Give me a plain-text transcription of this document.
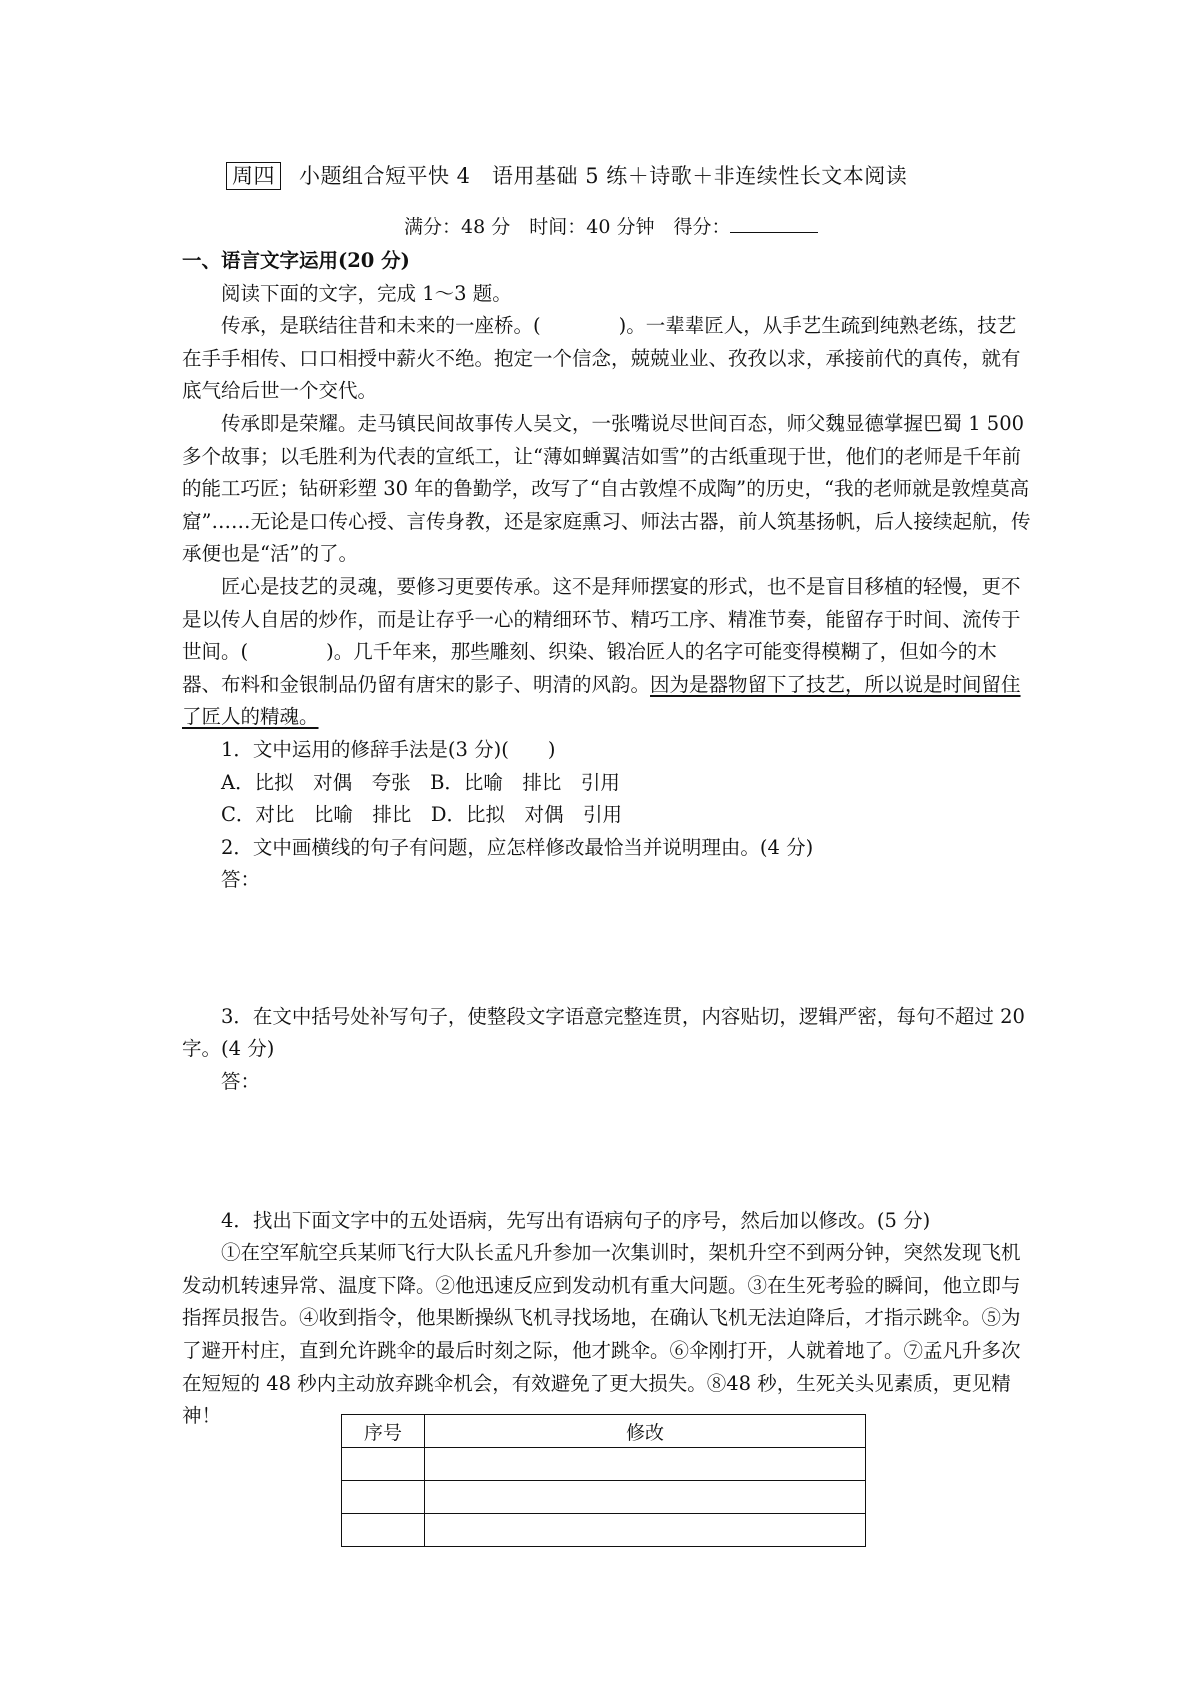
周四 小题组合短平快 4　语用基础 5 练＋诗歌＋非连续性长文本阅读
满分：48 分　 时间：40 分钟　 得分：

一、语言文字运用(20 分)

阅读下面的文字，完成 1～3 题。

传承，是联结往昔和未来的一座桥。(　　　　)。一辈辈匠人，从手艺生疏到纯熟老练，技艺在手手相传、口口相授中薪火不绝。抱定一个信念，兢兢业业、孜孜以求，承接前代的真传，就有底气给后世一个交代。

传承即是荣耀。走马镇民间故事传人吴文，一张嘴说尽世间百态，师父魏显德掌握巴蜀 1 500 多个故事；以毛胜利为代表的宣纸工，让“薄如蝉翼洁如雪”的古纸重现于世，他们的老师是千年前的能工巧匠；钻研彩塑 30 年的鲁勤学，改写了“自古敦煌不成陶”的历史，“我的老师就是敦煌莫高窟”……无论是口传心授、言传身教，还是家庭熏习、师法古器，前人筑基扬帆，后人接续起航，传承便也是“活”的了。

匠心是技艺的灵魂，要修习更要传承。这不是拜师摆宴的形式，也不是盲目移植的轻慢，更不是以传人自居的炒作，而是让存乎一心的精细环节、精巧工序、精准节奏，能留存于时间、流传于世间。(　　　　)。几千年来，那些雕刻、织染、锻冶匠人的名字可能变得模糊了，但如今的木器、布料和金银制品仍留有唐宋的影子、明清的风韵。因为是器物留下了技艺，所以说是时间留住了匠人的精魂。

1．文中运用的修辞手法是(3 分)(　　)

A．比拟　对偶　夸张　B．比喻　排比　引用

C．对比　比喻　排比　D．比拟　对偶　引用

2．文中画横线的句子有问题，应怎样修改最恰当并说明理由。(4 分)

答：

3．在文中括号处补写句子，使整段文字语意完整连贯，内容贴切，逻辑严密，每句不超过 20 字。(4 分)

答：

4．找出下面文字中的五处语病，先写出有语病句子的序号，然后加以修改。(5 分)

①在空军航空兵某师飞行大队长孟凡升参加一次集训时，架机升空不到两分钟，突然发现飞机发动机转速异常、温度下降。②他迅速反应到发动机有重大问题。③在生死考验的瞬间，他立即与指挥员报告。④收到指令，他果断操纵飞机寻找场地，在确认飞机无法迫降后，才指示跳伞。⑤为了避开村庄，直到允许跳伞的最后时刻之际，他才跳伞。⑥伞刚打开，人就着地了。⑦孟凡升多次在短短的 48 秒内主动放弃跳伞机会，有效避免了更大损失。⑧48 秒，生死关头见素质，更见精神！

序号	修改
